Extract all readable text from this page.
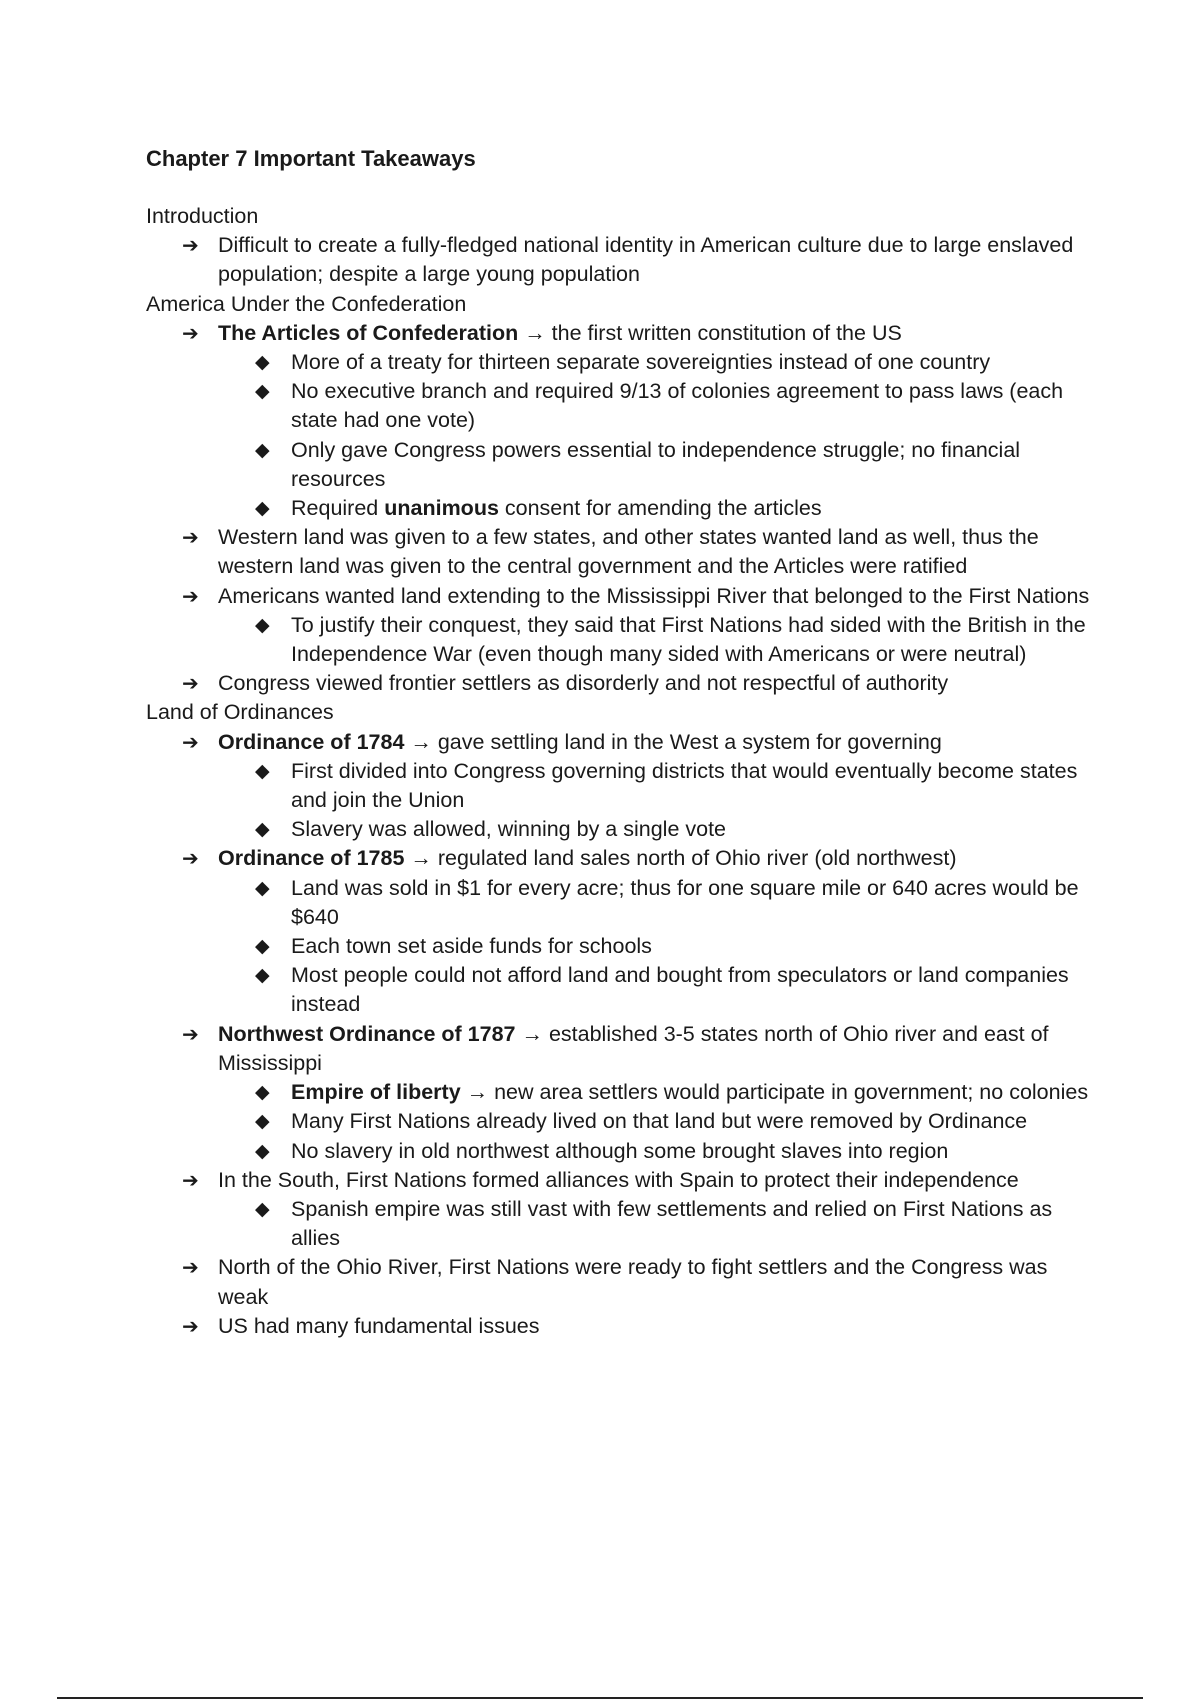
Chapter 7 Important Takeaways
Introduction
➔ Difficult to create a fully-fledged national identity in American culture due to large enslaved population; despite a large young population
America Under the Confederation
➔ The Articles of Confederation → the first written constitution of the US
◆ More of a treaty for thirteen separate sovereignties instead of one country
◆ No executive branch and required 9/13 of colonies agreement to pass laws (each state had one vote)
◆ Only gave Congress powers essential to independence struggle; no financial resources
◆ Required unanimous consent for amending the articles
➔ Western land was given to a few states, and other states wanted land as well, thus the western land was given to the central government and the Articles were ratified
➔ Americans wanted land extending to the Mississippi River that belonged to the First Nations
◆ To justify their conquest, they said that First Nations had sided with the British in the Independence War (even though many sided with Americans or were neutral)
➔ Congress viewed frontier settlers as disorderly and not respectful of authority
Land of Ordinances
➔ Ordinance of 1784 → gave settling land in the West a system for governing
◆ First divided into Congress governing districts that would eventually become states and join the Union
◆ Slavery was allowed, winning by a single vote
➔ Ordinance of 1785 → regulated land sales north of Ohio river (old northwest)
◆ Land was sold in $1 for every acre; thus for one square mile or 640 acres would be $640
◆ Each town set aside funds for schools
◆ Most people could not afford land and bought from speculators or land companies instead
➔ Northwest Ordinance of 1787 → established 3-5 states north of Ohio river and east of Mississippi
◆ Empire of liberty → new area settlers would participate in government; no colonies
◆ Many First Nations already lived on that land but were removed by Ordinance
◆ No slavery in old northwest although some brought slaves into region
➔ In the South, First Nations formed alliances with Spain to protect their independence
◆ Spanish empire was still vast with few settlements and relied on First Nations as allies
➔ North of the Ohio River, First Nations were ready to fight settlers and the Congress was weak
➔ US had many fundamental issues
